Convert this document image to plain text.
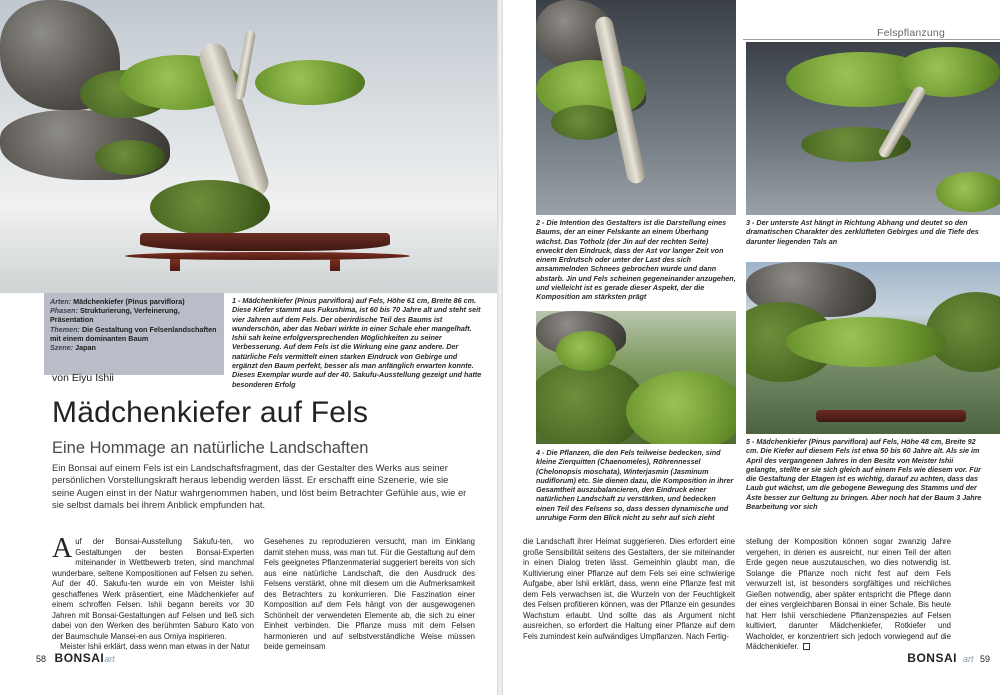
Arten: Mädchenkiefer (Pinus parviflora)
Phasen: Strukturierung, Verfeinerung, Präsentation
Themen: Die Gestaltung von Felsenlandschaften mit einem dominanten Baum
Szene: Japan
1 - Mädchenkiefer (Pinus parviflora) auf Fels, Höhe 61 cm, Breite 86 cm. Diese Kiefer stammt aus Fukushima, ist 60 bis 70 Jahre alt und steht seit vier Jahren auf dem Fels. Der oberirdische Teil des Baums ist wunderschön, aber das Nebari wirkte in einer Schale eher mangelhaft. Ishii sah keine erfolgversprechenden Möglichkeiten zu seiner Verbesserung. Auf dem Fels ist die Wirkung eine ganz andere. Der natürliche Fels vermittelt einen starken Eindruck von Gebirge und ergänzt den Baum perfekt, besser als man anfänglich erwarten konnte. Dieses Exemplar wurde auf der 40. Sakufu-Ausstellung gezeigt und hatte besonderen Erfolg
von Eiyu Ishii
Mädchenkiefer auf Fels
Eine Hommage an natürliche Landschaften
Ein Bonsai auf einem Fels ist ein Landschaftsfragment, das der Gestalter des Werks aus seiner persönlichen Vorstellungskraft heraus lebendig werden lässt. Er erschafft eine Szenerie, wie sie seine Augen einst in der Natur wahrgenommen haben, und löst beim Betrachter Gefühle aus, wie er sie selbst damals bei ihrem Anblick empfunden hat.

Auf der Bonsai-Ausstellung Sakufu-ten, wo Gestaltungen der besten Bonsai-Experten miteinander in Wettbewerb treten, sind manchmal wunderbare, seltene Kompositionen auf Felsen zu sehen. Auf der 40. Sakufu-ten wurde ein von Meister Ishii geschaffenes Werk präsentiert, eine Mädchenkiefer auf einem schroffen Felsen. Ishii begann bereits vor 30 Jahren mit Bonsai-Gestaltungen auf Felsen und ließ sich dabei von den Werken des berühmten Saburo Kato von der Baumschule Mansei-en aus Omiya inspirieren.

Meister Ishii erklärt, dass wenn man etwas in der Natur

Gesehenes zu reproduzieren versucht, man im Einklang damit stehen muss, was man tut. Für die Gestaltung auf dem Fels geeignetes Pflanzenmaterial suggeriert bereits von sich aus eine natürliche Landschaft, die den Ausdruck des Felsens verstärkt, ohne mit diesem um die Aufmerksamkeit des Betrachters zu konkurrieren. Die Faszination einer Komposition auf dem Fels hängt von der ausgewogenen Schönheit der verwendeten Elemente ab, die sich zu einer Einheit verbinden. Die Pflanze muss mit dem Felsen harmonieren und auf selbstverständliche Weise müssen beide gemeinsam

58 BONSAIart
Felspflanzung
2 - Die Intention des Gestalters ist die Darstellung eines Baums, der an einer Felskante an einem Überhang wächst. Das Totholz (der Jin auf der rechten Seite) erweckt den Eindruck, dass der Ast vor langer Zeit von einem Erdrutsch oder unter der Last des sich ansammelnden Schnees gebrochen wurde und dann abstarb. Jin und Fels scheinen gegeneinander anzugehen, und vielleicht ist es gerade dieser Aspekt, der die Komposition am stärksten prägt
3 - Der unterste Ast hängt in Richtung Abhang und deutet so den dramatischen Charakter des zerklüfteten Gebirges und die Tiefe des darunter liegenden Tals an
4 - Die Pflanzen, die den Fels teilweise bedecken, sind kleine Zierquitten (Chaenomeles), Röhrennessel (Chelonopsis moschata), Winterjasmin (Jasminum nudiflorum) etc. Sie dienen dazu, die Komposition in ihrer Gesamtheit auszubalancieren, den Eindruck einer natürlichen Landschaft zu verstärken, und bedecken einen Teil des Felsens so, dass dessen dynamische und unruhige Form den Blick nicht zu sehr auf sich zieht
5 - Mädchenkiefer (Pinus parviflora) auf Fels, Höhe 48 cm, Breite 92 cm. Die Kiefer auf diesem Fels ist etwa 50 bis 60 Jahre alt. Als sie im April des vergangenen Jahres in den Besitz von Meister Ishii gelangte, stellte er sie sich gleich auf einem Fels wie diesem vor. Für die Gestaltung der Etagen ist es wichtig, darauf zu achten, dass das Laub gut wächst, um die gebogene Bewegung des Stamms und der Äste besser zur Geltung zu bringen. Aber noch hat der Baum 3 Jahre Bearbeitung vor sich

die Landschaft ihrer Heimat suggerieren. Dies erfordert eine große Sensibilität seitens des Gestalters, der sie miteinander in einen Dialog treten lässt. Gemeinhin glaubt man, die Kultivierung einer Pflanze auf dem Fels sei eine schwierige Aufgabe, aber Ishii erklärt, dass, wenn eine Pflanze fest mit dem Fels verwachsen ist, die Wurzeln von der Feuchtigkeit des Felsen profitieren können, was der Pflanze ein gesundes Wachstum erlaubt. Und sollte das als Argument nicht ausreichen, so erfordert die Haltung einer Pflanze auf dem Fels zumindest kein aufwändiges Umpflanzen. Nach Fertig-

stellung der Komposition können sogar zwanzig Jahre vergehen, in denen es ausreicht, nur einen Teil der alten Erde gegen neue auszutauschen, wo dies notwendig ist. Solange die Pflanze noch nicht fest auf dem Fels verwurzelt ist, ist besonders sorgfältiges und reichliches Gießen notwendig, aber später entspricht die Pflege dann der eines vergleichbaren Bonsai in einer Schale. Bis heute hat Herr Ishii verschiedene Pflanzenspezies auf Felsen kultiviert, darunter Mädchenkiefer, Rotkiefer und Wacholder, er konzentriert sich jedoch vorwiegend auf die Mädchenkiefer.

BONSAI art 59
